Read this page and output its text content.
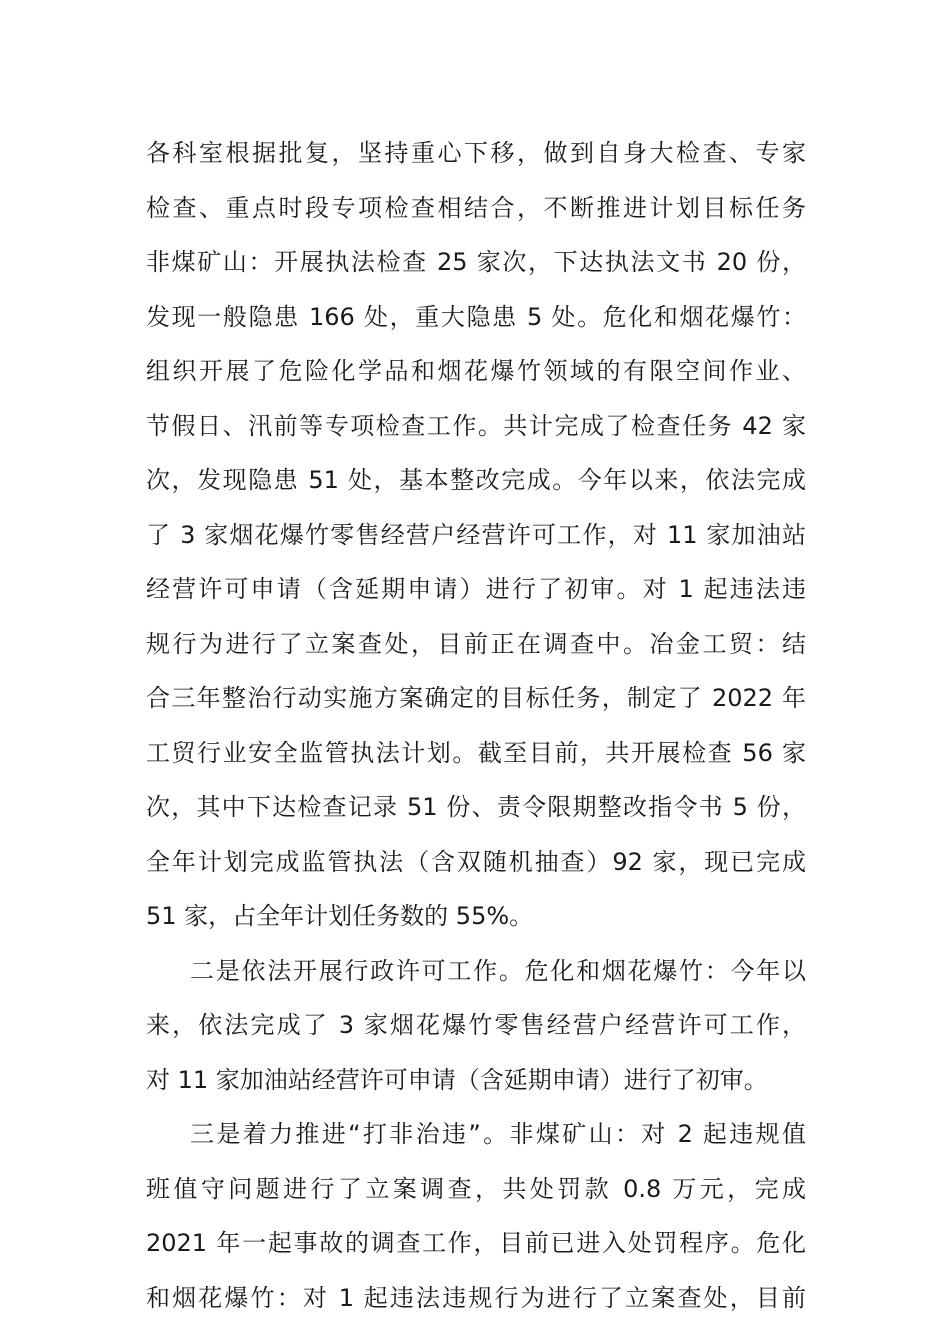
各科室根据批复，坚持重心下移，做到自身大检查、专家
检查、重点时段专项检查相结合，不断推进计划目标任务
非煤矿山：开展执法检查 25 家次，下达执法文书 20 份，
发现一般隐患 166 处，重大隐患 5 处。危化和烟花爆竹：
组织开展了危险化学品和烟花爆竹领域的有限空间作业、
节假日、汛前等专项检查工作。共计完成了检查任务 42 家
次，发现隐患 51 处，基本整改完成。今年以来，依法完成
了 3 家烟花爆竹零售经营户经营许可工作，对 11 家加油站
经营许可申请（含延期申请）进行了初审。对 1 起违法违
规行为进行了立案查处，目前正在调查中。冶金工贸：结
合三年整治行动实施方案确定的目标任务，制定了 2022 年
工贸行业安全监管执法计划。截至目前，共开展检查 56 家
次，其中下达检查记录 51 份、责令限期整改指令书 5 份，
全年计划完成监管执法（含双随机抽查）92 家，现已完成
51 家，占全年计划任务数的 55%。
二是依法开展行政许可工作。危化和烟花爆竹：今年以
来，依法完成了 3 家烟花爆竹零售经营户经营许可工作，
对 11 家加油站经营许可申请（含延期申请）进行了初审。
三是着力推进“打非治违”。非煤矿山：对 2 起违规值
班值守问题进行了立案调查，共处罚款 0.8 万元，完成
2021 年一起事故的调查工作，目前已进入处罚程序。危化
和烟花爆竹：对 1 起违法违规行为进行了立案查处，目前
